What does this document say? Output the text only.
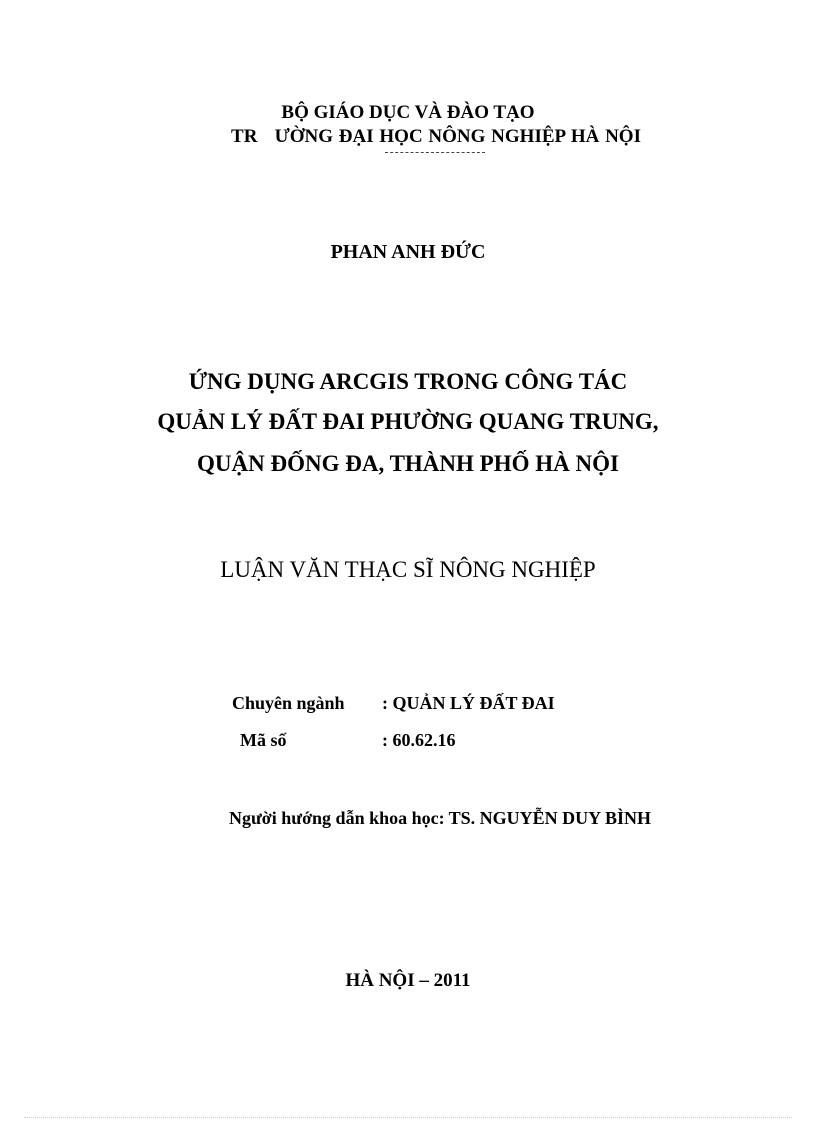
BỘ GIÁO DỤC VÀ ĐÀO TẠO
TR   ƯỜNG ĐẠI HỌC NÔNG NGHIỆP HÀ NỘI
PHAN ANH ĐỨC
ỨNG DỤNG ARCGIS TRONG CÔNG TÁC
QUẢN LÝ ĐẤT ĐAI PHƯỜNG QUANG TRUNG,
QUẬN ĐỐNG ĐA, THÀNH PHỐ HÀ NỘI
LUẬN VĂN THẠC SĨ NÔNG NGHIỆP
Chuyên ngành : QUẢN LÝ ĐẤT ĐAI
Mã số	: 60.62.16
Người hướng dẫn khoa học: TS. NGUYỄN DUY BÌNH
HÀ NỘI – 2011
